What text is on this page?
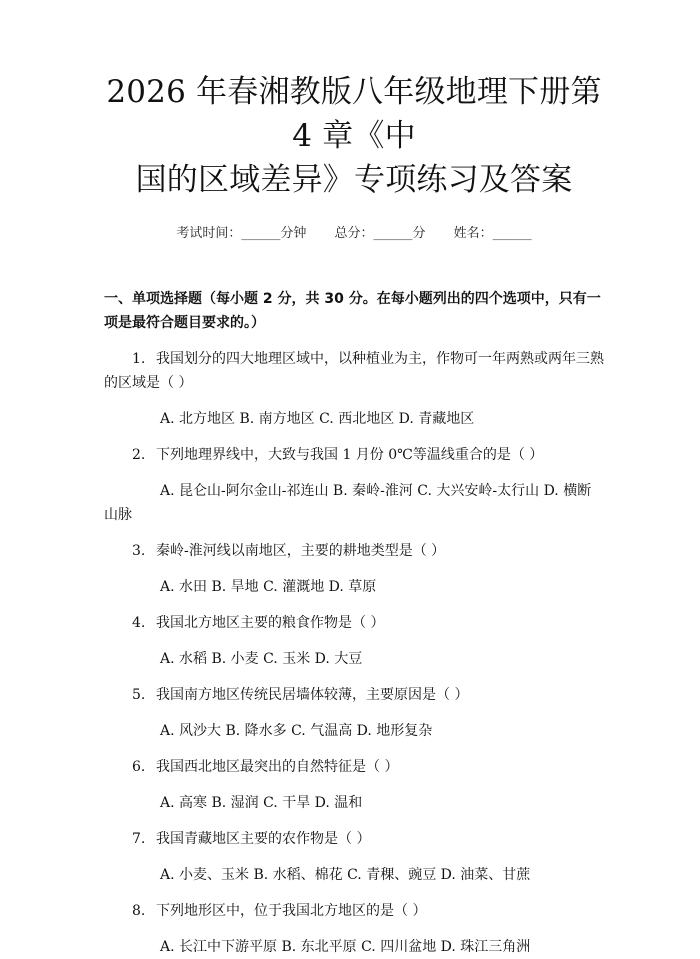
2026 年春湘教版八年级地理下册第 4 章《中
国的区域差异》专项练习及答案
考试时间：______分钟 总分：______分 姓名：______
一、单项选择题（每小题 2 分，共 30 分。在每小题列出的四个选项中，只有一项是最符合题目要求的。）

1. 我国划分的四大地理区域中，以种植业为主，作物可一年两熟或两年三熟的区域是（ ）

A. 北方地区 B. 南方地区 C. 西北地区 D. 青藏地区

2. 下列地理界线中，大致与我国 1 月份 0℃等温线重合的是（ ）

A. 昆仑山-阿尔金山-祁连山 B. 秦岭-淮河 C. 大兴安岭-太行山 D. 横断山脉

3. 秦岭-淮河线以南地区，主要的耕地类型是（ ）

A. 水田 B. 旱地 C. 灌溉地 D. 草原

4. 我国北方地区主要的粮食作物是（ ）

A. 水稻 B. 小麦 C. 玉米 D. 大豆

5. 我国南方地区传统民居墙体较薄，主要原因是（ ）

A. 风沙大 B. 降水多 C. 气温高 D. 地形复杂

6. 我国西北地区最突出的自然特征是（ ）

A. 高寒 B. 湿润 C. 干旱 D. 温和

7. 我国青藏地区主要的农作物是（ ）

A. 小麦、玉米 B. 水稻、棉花 C. 青稞、豌豆 D. 油菜、甘蔗

8. 下列地形区中，位于我国北方地区的是（ ）

A. 长江中下游平原 B. 东北平原 C. 四川盆地 D. 珠江三角洲
